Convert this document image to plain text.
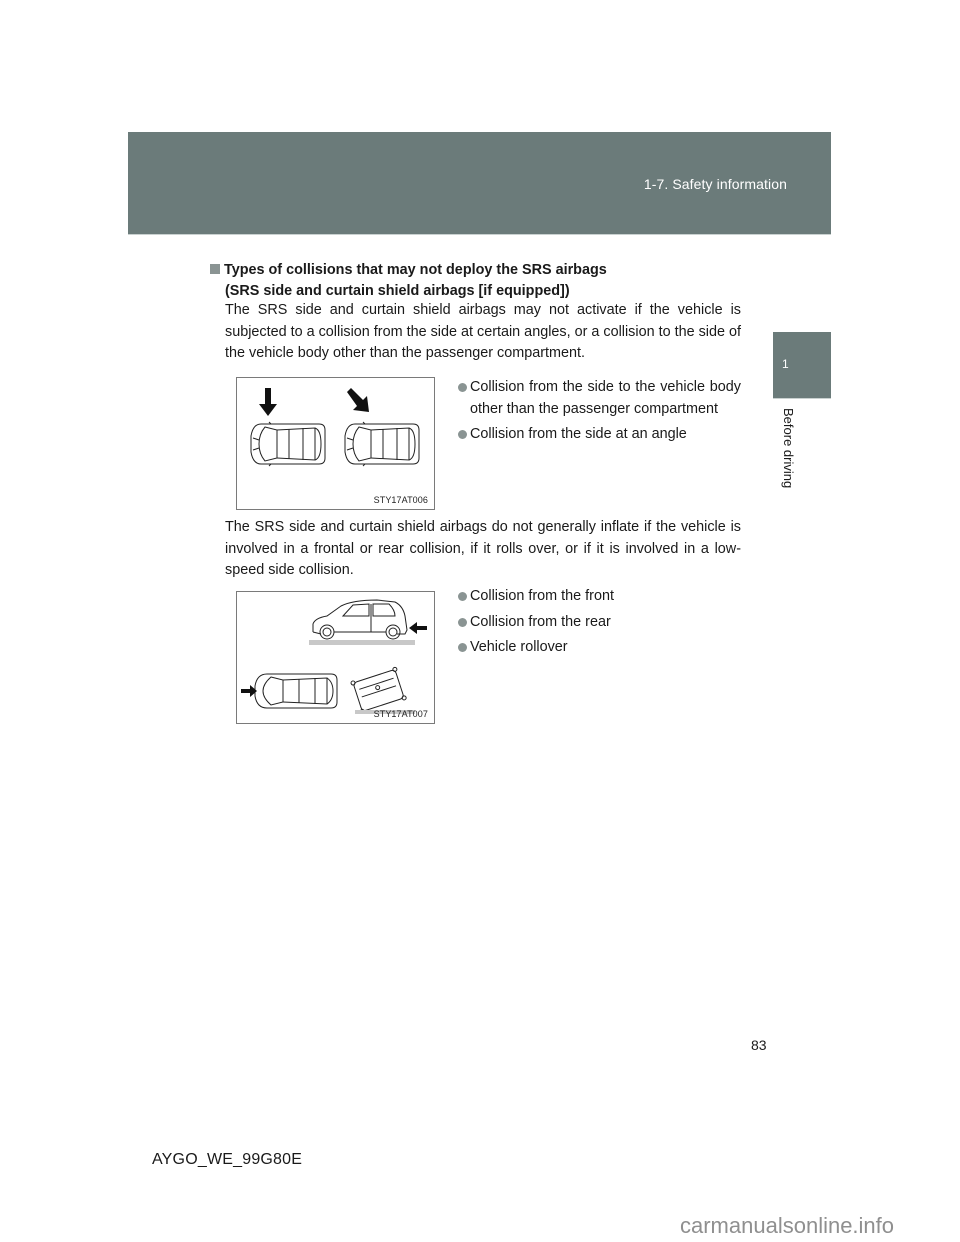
1-7. Safety information
1
Before driving
Types of collisions that may not deploy the SRS airbags
(SRS side and curtain shield airbags [if equipped])

The SRS side and curtain shield airbags may not activate if the vehicle is subjected to a collision from the side at certain angles, or a collision to the side of the vehicle body other than the passenger compartment.

STY17AT006
Collision from the side to the vehicle body other than the passenger compartment
Collision from the side at an angle

The SRS side and curtain shield airbags do not generally inflate if the vehicle is involved in a frontal or rear collision, if it rolls over, or if it is involved in a low-speed side collision.

STY17AT007
Collision from the front
Collision from the rear
Vehicle rollover
83
AYGO_WE_99G80E
carmanualsonline.info
